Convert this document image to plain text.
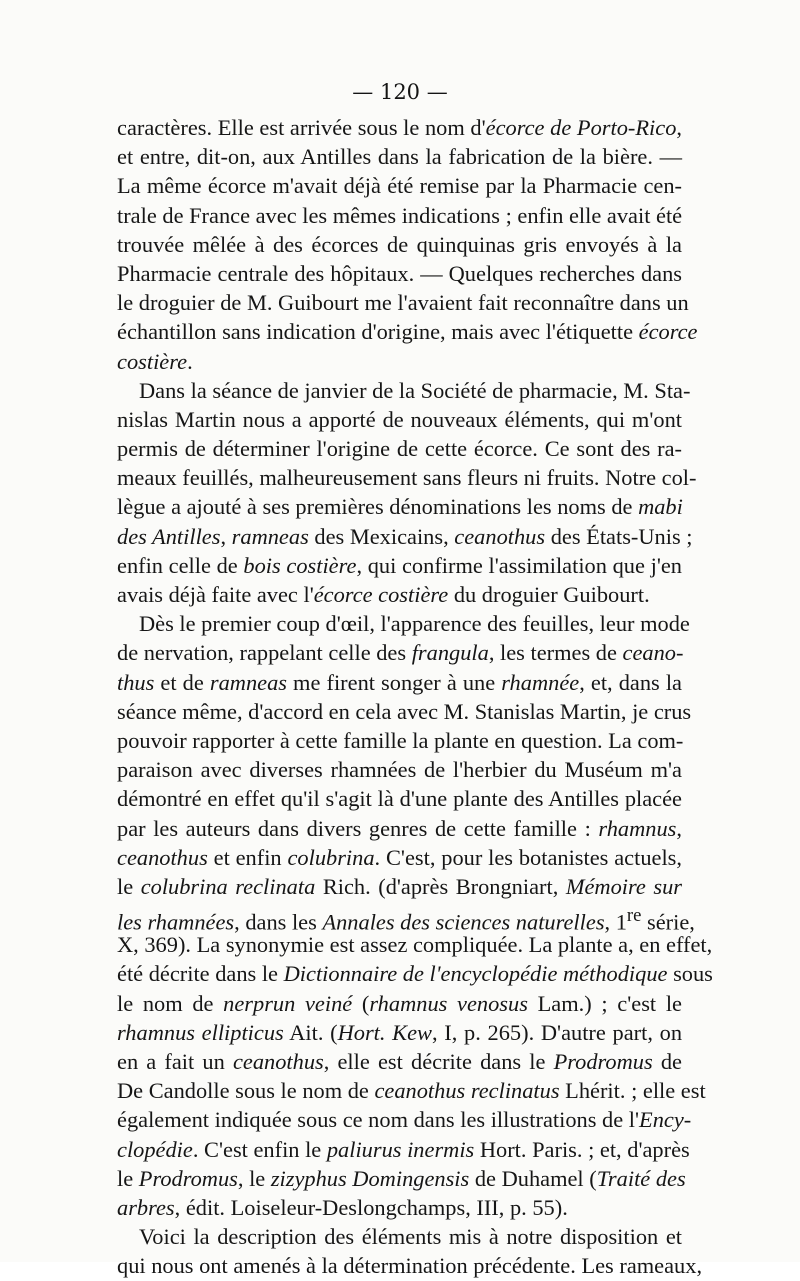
— 120 —
caractères. Elle est arrivée sous le nom d'écorce de Porto-Rico,
et entre, dit-on, aux Antilles dans la fabrication de la bière. —
La même écorce m'avait déjà été remise par la Pharmacie cen-
trale de France avec les mêmes indications ; enfin elle avait été
trouvée mêlée à des écorces de quinquinas gris envoyés à la
Pharmacie centrale des hôpitaux. — Quelques recherches dans
le droguier de M. Guibourt me l'avaient fait reconnaître dans un
échantillon sans indication d'origine, mais avec l'étiquette écorce
costière.
Dans la séance de janvier de la Société de pharmacie, M. Sta-
nislas Martin nous a apporté de nouveaux éléments, qui m'ont
permis de déterminer l'origine de cette écorce. Ce sont des ra-
meaux feuillés, malheureusement sans fleurs ni fruits. Notre col-
lègue a ajouté à ses premières dénominations les noms de mabi
des Antilles, ramneas des Mexicains, ceanothus des États-Unis ;
enfin celle de bois costière, qui confirme l'assimilation que j'en
avais déjà faite avec l'écorce costière du droguier Guibourt.
Dès le premier coup d'œil, l'apparence des feuilles, leur mode
de nervation, rappelant celle des frangula, les termes de ceano-
thus et de ramneas me firent songer à une rhamnée, et, dans la
séance même, d'accord en cela avec M. Stanislas Martin, je crus
pouvoir rapporter à cette famille la plante en question. La com-
paraison avec diverses rhamnées de l'herbier du Muséum m'a
démontré en effet qu'il s'agit là d'une plante des Antilles placée
par les auteurs dans divers genres de cette famille : rhamnus,
ceanothus et enfin colubrina. C'est, pour les botanistes actuels,
le colubrina reclinata Rich. (d'après Brongniart, Mémoire sur
les rhamnées, dans les Annales des sciences naturelles, 1re série,
X, 369). La synonymie est assez compliquée. La plante a, en effet,
été décrite dans le Dictionnaire de l'encyclopédie méthodique sous
le nom de nerprun veiné (rhamnus venosus Lam.) ; c'est le
rhamnus ellipticus Ait. (Hort. Kew, I, p. 265). D'autre part, on
en a fait un ceanothus, elle est décrite dans le Prodromus de
De Candolle sous le nom de ceanothus reclinatus Lhérit. ; elle est
également indiquée sous ce nom dans les illustrations de l'Ency-
clopédie. C'est enfin le paliurus inermis Hort. Paris. ; et, d'après
le Prodromus, le zizyphus Domingensis de Duhamel (Traité des
arbres, édit. Loiseleur-Deslongchamps, III, p. 55).
Voici la description des éléments mis à notre disposition et
qui nous ont amenés à la détermination précédente. Les rameaux,
